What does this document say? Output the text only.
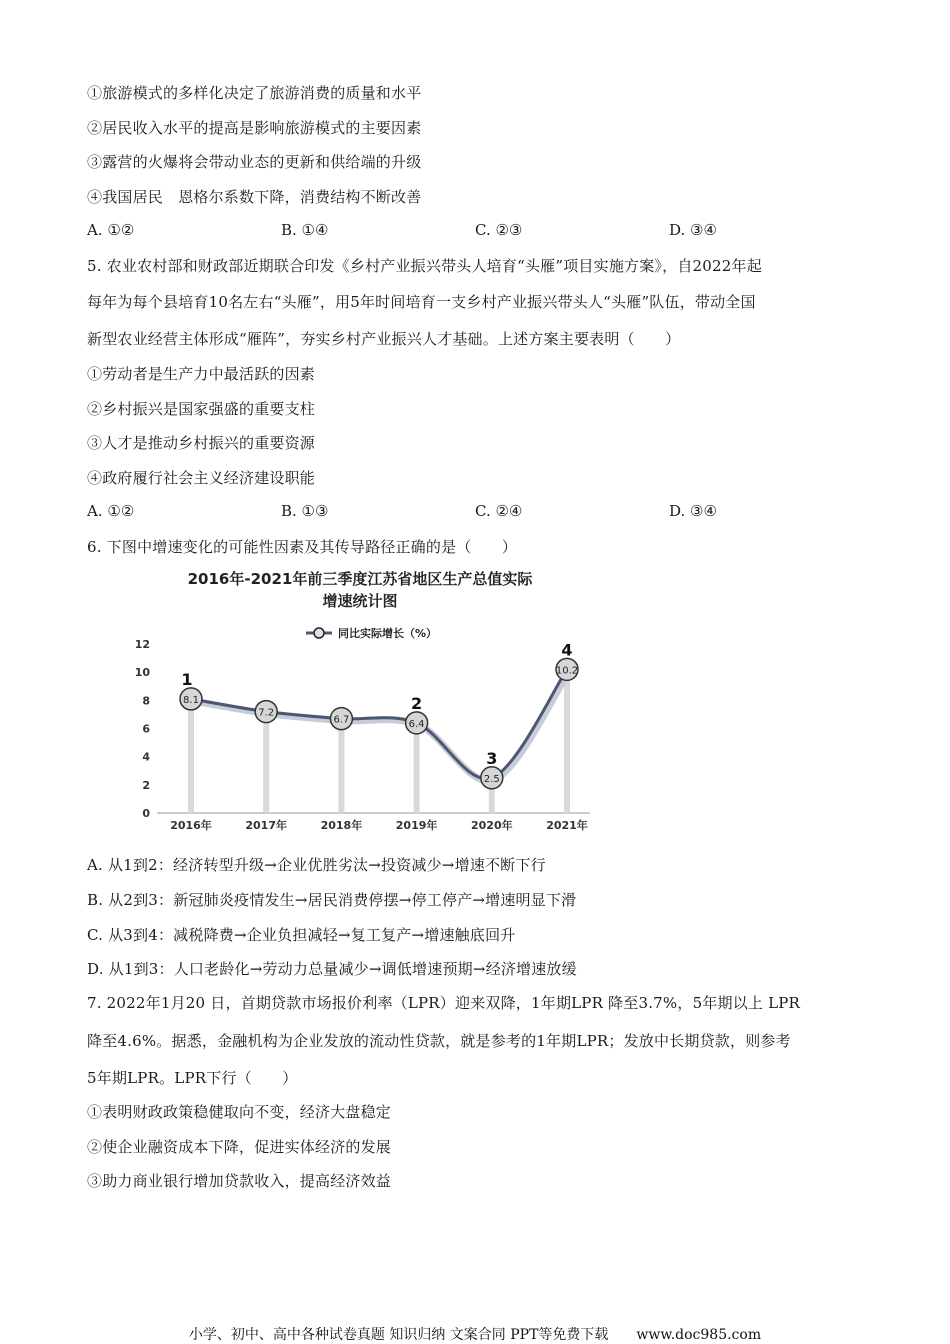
①旅游模式的多样化决定了旅游消费的质量和水平
②居民收入水平的提高是影响旅游模式的主要因素
③露营的火爆将会带动业态的更新和供给端的升级
④我国居民　恩格尔系数下降，消费结构不断改善
A. ①②	B. ①④	C. ②③	D. ③④
5. 农业农村部和财政部近期联合印发《乡村产业振兴带头人培育“头雁”项目实施方案》，自2022年起
每年为每个县培育10名左右“头雁”，用5年时间培育一支乡村产业振兴带头人“头雁”队伍，带动全国
新型农业经营主体形成“雁阵”，夯实乡村产业振兴人才基础。上述方案主要表明（　　）
①劳动者是生产力中最活跃的因素
②乡村振兴是国家强盛的重要支柱
③人才是推动乡村振兴的重要资源
④政府履行社会主义经济建设职能
A. ①②	B. ①③	C. ②④	D. ③④
6. 下图中增速变化的可能性因素及其传导路径正确的是（　　）
2016年-2021年前三季度江苏省地区生产总值实际
增速统计图
同比实际增长（%）
0
2
4
6
8
10
12
8.1
7.2
6.7	6.4
2.5
10.2
1
2
3
4
2016年	2017年	2018年	2019年	2020年	2021年
A. 从1到2：经济转型升级→企业优胜劣汰→投资减少→增速不断下行
B. 从2到3：新冠肺炎疫情发生→居民消费停摆→停工停产→增速明显下滑
C. 从3到4：减税降费→企业负担减轻→复工复产→增速触底回升
D. 从1到3：人口老龄化→劳动力总量减少→调低增速预期→经济增速放缓
7. 2022年1月20 日，首期贷款市场报价利率（LPR）迎来双降，1年期LPR 降至3.7%，5年期以上 LPR
降至4.6%。据悉，金融机构为企业发放的流动性贷款，就是参考的1年期LPR；发放中长期贷款，则参考
5年期LPR。LPR下行（　　）
①表明财政政策稳健取向不变，经济大盘稳定
②使企业融资成本下降，促进实体经济的发展
③助力商业银行增加贷款收入，提高经济效益
小学、初中、高中各种试卷真题 知识归纳 文案合同 PPT等免费下载　　www.doc985.com
